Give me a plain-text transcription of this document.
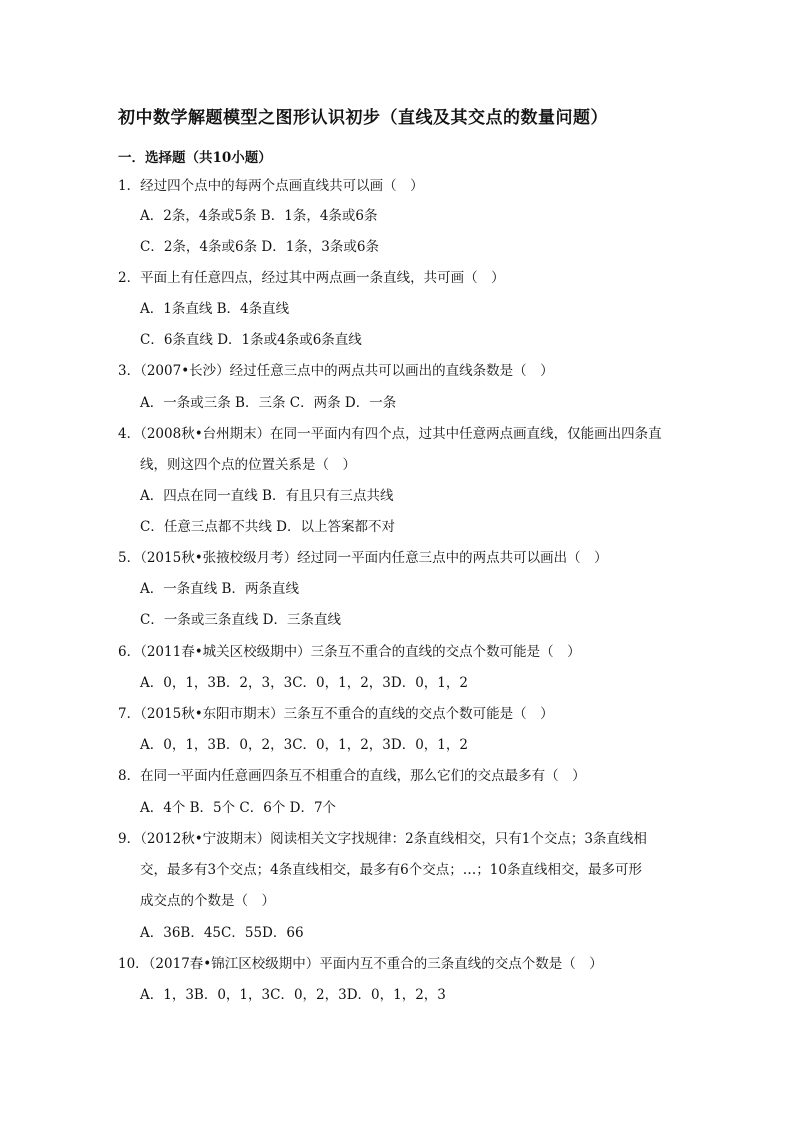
初中数学解题模型之图形认识初步（直线及其交点的数量问题）
一．选择题（共10小题）
1．经过四个点中的每两个点画直线共可以画（　）
A．2条，4条或5条 B．1条，4条或6条
C．2条，4条或6条 D．1条，3条或6条
2．平面上有任意四点，经过其中两点画一条直线，共可画（　）
A．1条直线 B．4条直线
C．6条直线 D．1条或4条或6条直线
3．（2007•长沙）经过任意三点中的两点共可以画出的直线条数是（　）
A．一条或三条 B．三条 C．两条 D．一条
4．（2008秋•台州期末）在同一平面内有四个点，过其中任意两点画直线，仅能画出四条直
线，则这四个点的位置关系是（　）
A．四点在同一直线 B．有且只有三点共线
C．任意三点都不共线 D．以上答案都不对
5．（2015秋•张掖校级月考）经过同一平面内任意三点中的两点共可以画出（　）
A．一条直线 B．两条直线
C．一条或三条直线 D．三条直线
6．（2011春•城关区校级期中）三条互不重合的直线的交点个数可能是（　）
A．0，1，3B．2，3，3C．0，1，2，3D．0，1，2
7．（2015秋•东阳市期末）三条互不重合的直线的交点个数可能是（　）
A．0，1，3B．0，2，3C．0，1，2，3D．0，1，2
8．在同一平面内任意画四条互不相重合的直线，那么它们的交点最多有（　）
A．4个 B．5个 C．6个 D．7个
9．（2012秋•宁波期末）阅读相关文字找规律：2条直线相交，只有1个交点；3条直线相
交，最多有3个交点；4条直线相交，最多有6个交点；…；10条直线相交，最多可形
成交点的个数是（　）
A．36B．45C．55D．66
10．（2017春•锦江区校级期中）平面内互不重合的三条直线的交点个数是（　）
A．1，3B．0，1，3C．0，2，3D．0，1，2，3
